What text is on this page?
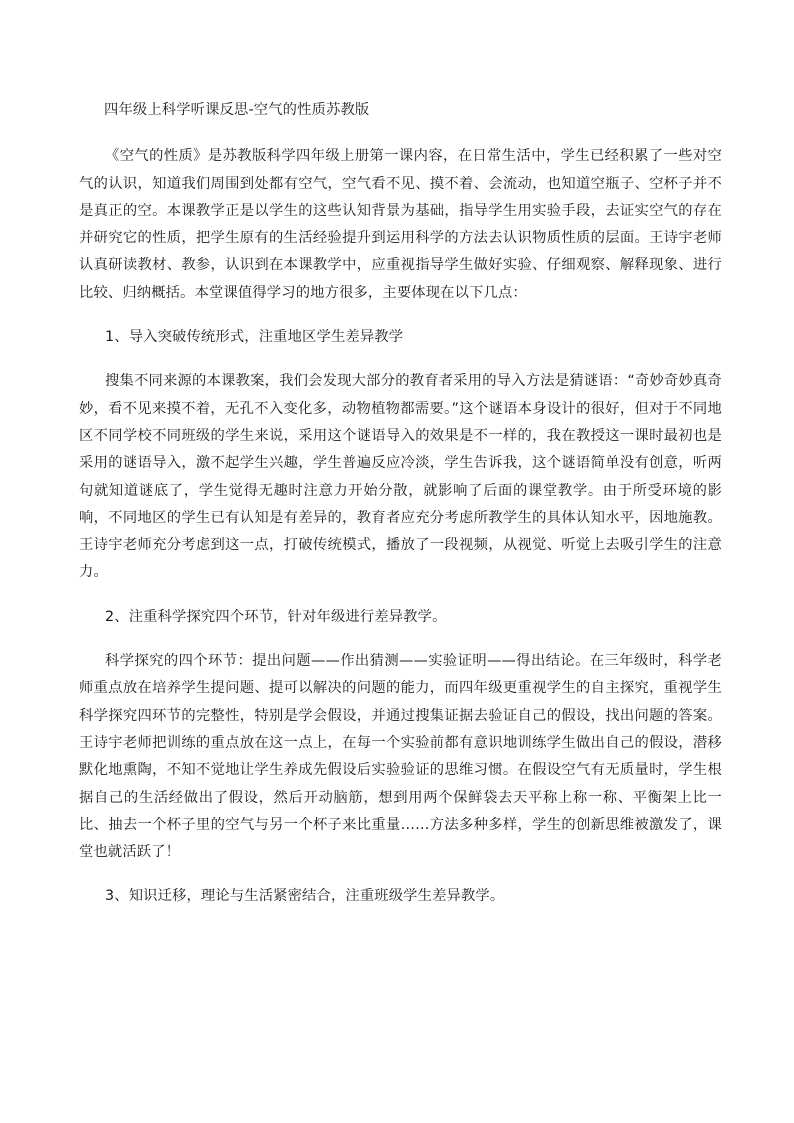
四年级上科学听课反思-空气的性质苏教版

《空气的性质》是苏教版科学四年级上册第一课内容，在日常生活中，学生已经积累了一些对空气的认识，知道我们周围到处都有空气，空气看不见、摸不着、会流动，也知道空瓶子、空杯子并不是真正的空。本课教学正是以学生的这些认知背景为基础，指导学生用实验手段，去证实空气的存在并研究它的性质，把学生原有的生活经验提升到运用科学的方法去认识物质性质的层面。王诗宇老师认真研读教材、教参，认识到在本课教学中，应重视指导学生做好实验、仔细观察、解释现象、进行比较、归纳概括。本堂课值得学习的地方很多，主要体现在以下几点：

1、导入突破传统形式，注重地区学生差异教学

搜集不同来源的本课教案，我们会发现大部分的教育者采用的导入方法是猜谜语：“奇妙奇妙真奇妙，看不见来摸不着，无孔不入变化多，动物植物都需要。”这个谜语本身设计的很好，但对于不同地区不同学校不同班级的学生来说，采用这个谜语导入的效果是不一样的，我在教授这一课时最初也是采用的谜语导入，激不起学生兴趣，学生普遍反应冷淡，学生告诉我，这个谜语简单没有创意，听两句就知道谜底了，学生觉得无趣时注意力开始分散，就影响了后面的课堂教学。由于所受环境的影响，不同地区的学生已有认知是有差异的，教育者应充分考虑所教学生的具体认知水平，因地施教。王诗宇老师充分考虑到这一点，打破传统模式，播放了一段视频，从视觉、听觉上去吸引学生的注意力。

2、注重科学探究四个环节，针对年级进行差异教学。

科学探究的四个环节：提出问题——作出猜测——实验证明——得出结论。在三年级时，科学老师重点放在培养学生提问题、提可以解决的问题的能力，而四年级更重视学生的自主探究，重视学生科学探究四环节的完整性，特别是学会假设，并通过搜集证据去验证自己的假设，找出问题的答案。王诗宇老师把训练的重点放在这一点上，在每一个实验前都有意识地训练学生做出自己的假设，潜移默化地熏陶，不知不觉地让学生养成先假设后实验验证的思维习惯。在假设空气有无质量时，学生根据自己的生活经做出了假设，然后开动脑筋，想到用两个保鲜袋去天平称上称一称、平衡架上比一比、抽去一个杯子里的空气与另一个杯子来比重量……方法多种多样，学生的创新思维被激发了，课堂也就活跃了！

3、知识迁移，理论与生活紧密结合，注重班级学生差异教学。
